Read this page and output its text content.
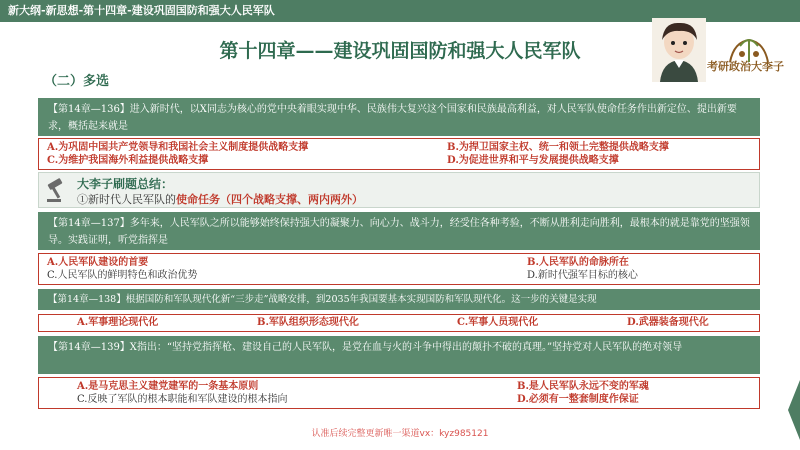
新大纲-新思想-第十四章-建设巩固国防和强大人民军队
第十四章——建设巩固国防和强大人民军队
考研政治大李子
（二）多选
【第14章—136】进入新时代，以X同志为核心的党中央着眼实现中华、民族伟大复兴这个国家和民族最高利益，对人民军队使命任务作出新定位、提出新要求，概括起来就是
A.为巩固中国共产党领导和我国社会主义制度提供战略支撑	B.为捍卫国家主权、统一和领土完整提供战略支撑
C.为维护我国海外利益提供战略支撑	D.为促进世界和平与发展提供战略支撑
大李子刷题总结：
①新时代人民军队的使命任务（四个战略支撑、两内两外）
【第14章—137】多年来，人民军队之所以能够始终保持强大的凝聚力、向心力、战斗力，经受住各种考验，不断从胜利走向胜利，最根本的就是靠党的坚强领导。实践证明，听党指挥是
A.人民军队建设的首要	B.人民军队的命脉所在
C.人民军队的鲜明特色和政治优势	D.新时代强军目标的核心
【第14章—138】根据国防和军队现代化新“三步走”战略安排，到2035年我国要基本实现国防和军队现代化。这一步的关键是实现
A.军事理论现代化	B.军队组织形态现代化	C.军事人员现代化	D.武器装备现代化
【第14章—139】X指出：“坚持党指挥枪、建设自己的人民军队，是党在血与火的斗争中得出的颠扑不破的真理。”坚持党对人民军队的绝对领导
A.是马克思主义建党建军的一条基本原则	B.是人民军队永远不变的军魂
C.反映了军队的根本职能和军队建设的根本指向	D.必须有一整套制度作保证
认准后续完整更新唯一渠道vx：kyz985121
